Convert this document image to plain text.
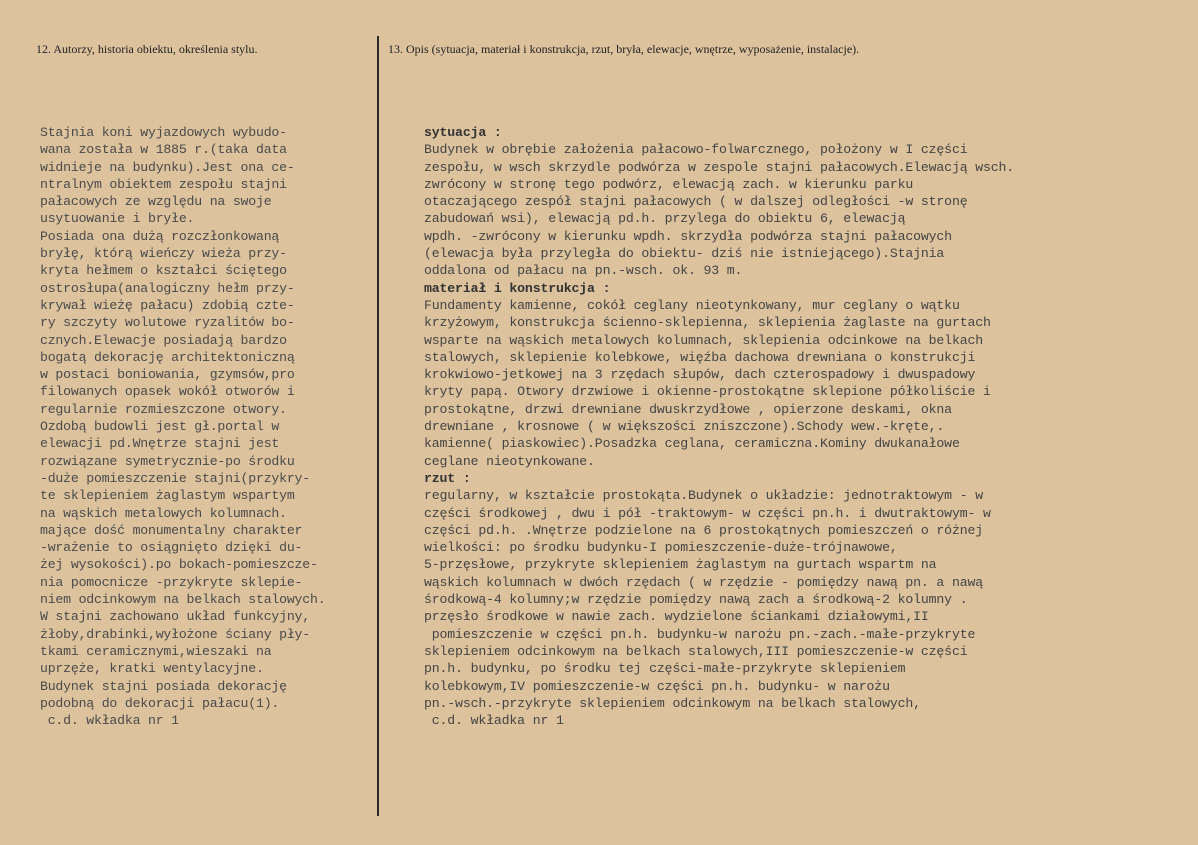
12. Autorzy, historia obiektu, określenia stylu.	13. Opis (sytuacja, materiał i konstrukcja, rzut, bryła, elewacje, wnętrze, wyposażenie, instalacje).
Stajnia koni wyjazdowych wybudo-
wana została w 1885 r.(taka data
widnieje na budynku).Jest ona ce-
ntralnym obiektem zespołu stajni
pałacowych ze względu na swoje
usytuowanie i bryłe.
Posiada ona dużą rozczłonkowaną
bryłę, którą wieńczy wieża przy-
kryta hełmem o kształci ściętego
ostrosłupa(analogiczny hełm przy-
krywał wieżę pałacu) zdobią czte-
ry szczyty wolutowe ryzalitów bo-
cznych.Elewacje posiadają bardzo
bogatą dekorację architektoniczną
w postaci boniowania, gzymsów,pro
filowanych opasek wokół otworów i
regularnie rozmieszczone otwory.
Ozdobą budowli jest gł.portal w
elewacji pd.Wnętrze stajni jest
rozwiązane symetrycznie-po środku
-duże pomieszczenie stajni(przykry-
te sklepieniem żaglastym wspartym
na wąskich metalowych kolumnach.
mające dość monumentalny charakter
-wrażenie to osiągnięto dzięki du-
żej wysokości).po bokach-pomieszcze-
nia pomocnicze -przykryte sklepie-
niem odcinkowym na belkach stalowych.
W stajni zachowano układ funkcyjny,
żłoby,drabinki,wyłożone ściany pły-
tkami ceramicznymi,wieszaki na
uprzęże, kratki wentylacyjne.
Budynek stajni posiada dekorację
podobną do dekoracji pałacu(1).
c.d. wkładka nr 1
sytuacja :
Budynek w obrębie założenia pałacowo-folwarcznego, położony w I części
zespołu, w wsch skrzydle podwórza w zespole stajni pałacowych.Elewacją wsch.
zwrócony w stronę tego podwórz, elewacją zach. w kierunku parku
otaczającego zespół stajni pałacowych ( w dalszej odległości -w stronę
zabudowań wsi), elewacją pd.h. przylega do obiektu 6, elewacją
wpdh. -zwrócony w kierunku wpdh. skrzydła podwórza stajni pałacowych
(elewacja była przyległa do obiektu- dziś nie istniejącego).Stajnia
oddalona od pałacu na pn.-wsch. ok. 93 m.
materiał i konstrukcja :
Fundamenty kamienne, cokół ceglany nieotynkowany, mur ceglany o wątku
krzyżowym, konstrukcja ścienno-sklepienna, sklepienia żaglaste na gurtach
wsparte na wąskich metalowych kolumnach, sklepienia odcinkowe na belkach
stalowych, sklepienie kolebkowe, więźba dachowa drewniana o konstrukcji
krokwiowo-jetkowej na 3 rzędach słupów, dach czterospadowy i dwuspadowy
kryty papą. Otwory drzwiowe i okienne-prostokątne sklepione półkoliście i
prostokątne, drzwi drewniane dwuskrzydłowe , opierzone deskami, okna
drewniane , krosnowe ( w większości zniszczone).Schody wew.-kręte,.
kamienne( piaskowiec).Posadzka ceglana, ceramiczna.Kominy dwukanałowe
ceglane nieotynkowane.
rzut :
regularny, w kształcie prostokąta.Budynek o układzie: jednotraktowym - w
części środkowej , dwu i pół -traktowym- w części pn.h. i dwutraktowym- w
części pd.h. .Wnętrze podzielone na 6 prostokątnych pomieszczeń o różnej
wielkości: po środku budynku-I pomieszczenie-duże-trójnawowe,
5-przęsłowe, przykryte sklepieniem żaglastym na gurtach wspartm na
wąskich kolumnach w dwóch rzędach ( w rzędzie - pomiędzy nawą pn. a nawą
środkową-4 kolumny;w rzędzie pomiędzy nawą zach a środkową-2 kolumny .
przęsło środkowe w nawie zach. wydzielone ściankami działowymi,II
pomieszczenie w części pn.h. budynku-w narożu pn.-zach.-małe-przykryte
sklepieniem odcinkowym na belkach stalowych,III pomieszczenie-w części
pn.h. budynku, po środku tej części-małe-przykryte sklepieniem
kolebkowym,IV pomieszczenie-w części pn.h. budynku- w narożu
pn.-wsch.-przykryte sklepieniem odcinkowym na belkach stalowych,
c.d. wkładka nr 1
